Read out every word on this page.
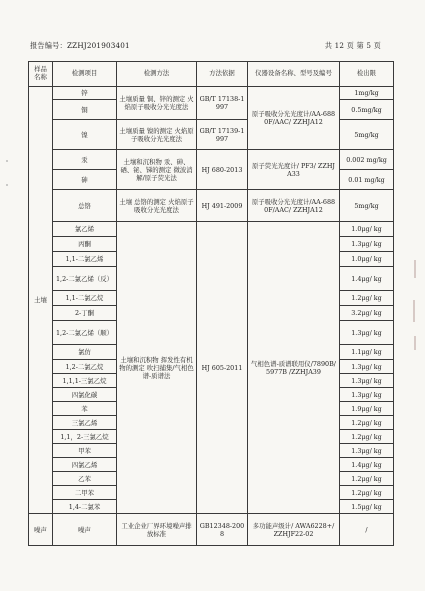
报告编号：ZZHJ201903401	共 12 页 第 5 页
样品名称	检测项目	检测方法	方法依据	仪器设备名称、型号及编号	检出限
土壤	锌	土壤质量 铜、锌的测定 火焰原子吸收分光光度法	GB/T 17138-1997	原子吸收分光光度计/AA-6880F/AAC/ ZZHJA12	1mg/kg
	铜				0.5mg/kg
	镍	土壤质量 镍的测定 火焰原子吸收分光光度法	GB/T 17139-1997		5mg/kg
	汞	土壤和沉积物 汞、砷、硒、铋、锑的测定 微波消解/原子荧光法	HJ 680-2013	原子荧光光度计/ PF3/ ZZHJA33	0.002 mg/kg
	砷				0.01 mg/kg
	总铬	土壤 总铬的测定 火焰原子吸收分光光度法	HJ 491-2009	原子吸收分光光度计/AA-6880F/AAC/ ZZHJA12	5mg/kg
	氯乙烯	土壤和沉积物 挥发性有机物的测定 吹扫捕集/气相色谱-质谱法	HJ 605-2011	气相色谱-质谱联用仪/7890B/5977B /ZZHJA39	1.0μg/ kg
	丙酮				1.3μg/ kg
	1,1-二氯乙烯				1.0μg/ kg
	1,2-二氯乙烯（反）				1.4μg/ kg
	1,1-二氯乙烷				1.2μg/ kg
	2-丁酮				3.2μg/ kg
	1,2-二氯乙烯（顺）				1.3μg/ kg
	氯仿				1.1μg/ kg
	1,2-二氯乙烷				1.3μg/ kg
	1,1,1-三氯乙烷				1.3μg/ kg
	四氯化碳				1.3μg/ kg
	苯				1.9μg/ kg
	三氯乙烯				1.2μg/ kg
	1,1，2-三氯乙烷				1.2μg/ kg
	甲苯				1.3μg/ kg
	四氯乙烯				1.4μg/ kg
	乙苯				1.2μg/ kg
	二甲苯				1.2μg/ kg
	1,4-二氯苯				1.5μg/ kg
噪声	噪声	工业企业厂界环境噪声排放标准	GB12348-2008	多功能声级计/ AWA6228+/ ZZHJF22-02	/
